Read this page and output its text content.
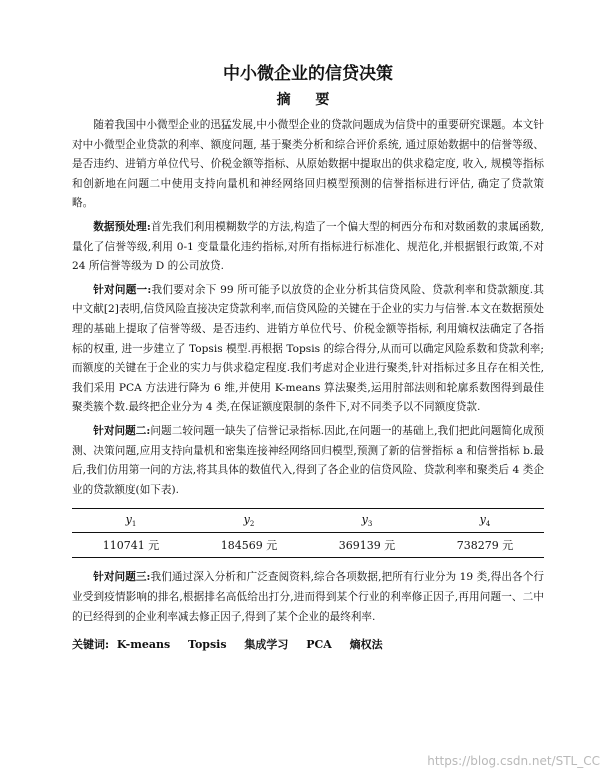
中小微企业的信贷决策
摘 要

随着我国中小微型企业的迅猛发展,中小微型企业的贷款问题成为信贷中的重要研究课题。本文针对中小微型企业贷款的利率、额度问题, 基于聚类分析和综合评价系统, 通过原始数据中的信誉等级、是否违约、进销方单位代号、价税金额等指标、从原始数据中提取出的供求稳定度, 收入, 规模等指标和创新地在问题二中使用支持向量机和神经网络回归模型预测的信誉指标进行评估, 确定了贷款策略。

数据预处理:首先我们利用模糊数学的方法,构造了一个偏大型的柯西分布和对数函数的隶属函数,量化了信誉等级,利用 0-1 变量量化违约指标,对所有指标进行标准化、规范化,并根据银行政策,不对 24 所信誉等级为 D 的公司放贷.

针对问题一:我们要对余下 99 所可能予以放贷的企业分析其信贷风险、贷款利率和贷款额度.其中文献[2]表明,信贷风险直接决定贷款利率,而信贷风险的关键在于企业的实力与信誉.本文在数据预处理的基础上提取了信誉等级、是否违约、进销方单位代号、价税金额等指标, 利用熵权法确定了各指标的权重, 进一步建立了 Topsis 模型.再根据 Topsis 的综合得分,从而可以确定风险系数和贷款利率;而额度的关键在于企业的实力与供求稳定程度.我们考虑对企业进行聚类,针对指标过多且存在相关性,我们采用 PCA 方法进行降为 6 维,并使用 K-means 算法聚类,运用肘部法则和轮廓系数图得到最佳聚类簇个数.最终把企业分为 4 类,在保证额度限制的条件下,对不同类予以不同额度贷款.

针对问题二:问题二较问题一缺失了信誉记录指标.因此,在问题一的基础上,我们把此问题简化成预测、决策问题,应用支持向量机和密集连接神经网络回归模型,预测了新的信誉指标 a 和信誉指标 b.最后,我们仿用第一问的方法,将其具体的数值代入,得到了各企业的信贷风险、贷款利率和聚类后 4 类企业的贷款额度(如下表).

$y_1$	$y_2$	$y_3$	$y_4$
110741 元	184569 元	369139 元	738279 元

针对问题三:我们通过深入分析和广泛查阅资料,综合各项数据,把所有行业分为 19 类,得出各个行业受到疫情影响的排名,根据排名高低给出打分,进而得到某个行业的利率修正因子,再用问题一、二中的已经得到的企业利率减去修正因子,得到了某个企业的最终利率.

关键词: K-means Topsis 集成学习 PCA 熵权法
https://blog.csdn.net/STL_CC
